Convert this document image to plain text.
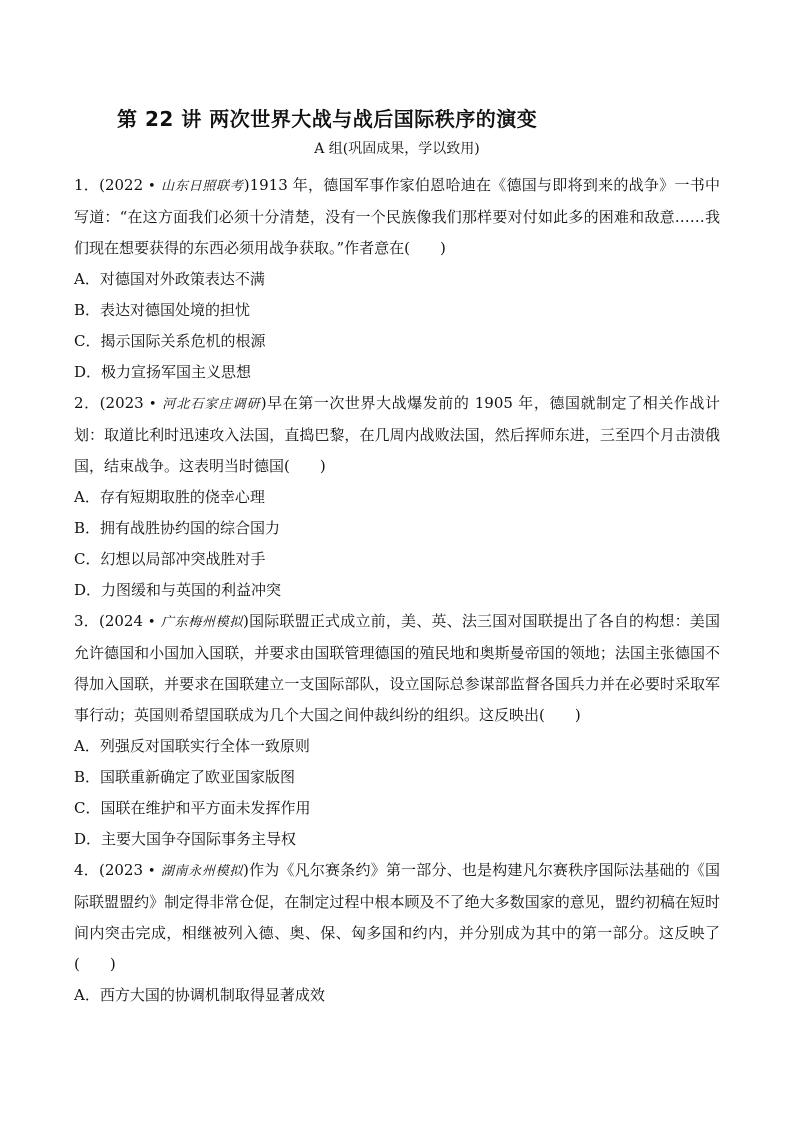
第 22 讲 两次世界大战与战后国际秩序的演变
A 组(巩固成果，学以致用)
1．(2022 • 山东日照联考)1913 年，德国军事作家伯恩哈迪在《德国与即将到来的战争》一书中写道：“在这方面我们必须十分清楚，没有一个民族像我们那样要对付如此多的困难和敌意……我们现在想要获得的东西必须用战争获取。”作者意在(　　)
A．对德国对外政策表达不满
B．表达对德国处境的担忧
C．揭示国际关系危机的根源
D．极力宣扬军国主义思想
2．(2023 • 河北石家庄调研)早在第一次世界大战爆发前的 1905 年，德国就制定了相关作战计划：取道比利时迅速攻入法国，直捣巴黎，在几周内战败法国，然后挥师东进，三至四个月击溃俄国，结束战争。这表明当时德国(　　)
A．存有短期取胜的侥幸心理
B．拥有战胜协约国的综合国力
C．幻想以局部冲突战胜对手
D．力图缓和与英国的利益冲突
3．(2024 • 广东梅州模拟)国际联盟正式成立前，美、英、法三国对国联提出了各自的构想：美国允许德国和小国加入国联，并要求由国联管理德国的殖民地和奥斯曼帝国的领地；法国主张德国不得加入国联，并要求在国联建立一支国际部队，设立国际总参谋部监督各国兵力并在必要时采取军事行动；英国则希望国联成为几个大国之间仲裁纠纷的组织。这反映出(　　)
A．列强反对国联实行全体一致原则
B．国联重新确定了欧亚国家版图
C．国联在维护和平方面未发挥作用
D．主要大国争夺国际事务主导权
4．(2023 • 湖南永州模拟)作为《凡尔赛条约》第一部分、也是构建凡尔赛秩序国际法基础的《国际联盟盟约》制定得非常仓促，在制定过程中根本顾及不了绝大多数国家的意见，盟约初稿在短时间内突击完成，相继被列入德、奥、保、匈多国和约内，并分别成为其中的第一部分。这反映了(　　)
A．西方大国的协调机制取得显著成效
